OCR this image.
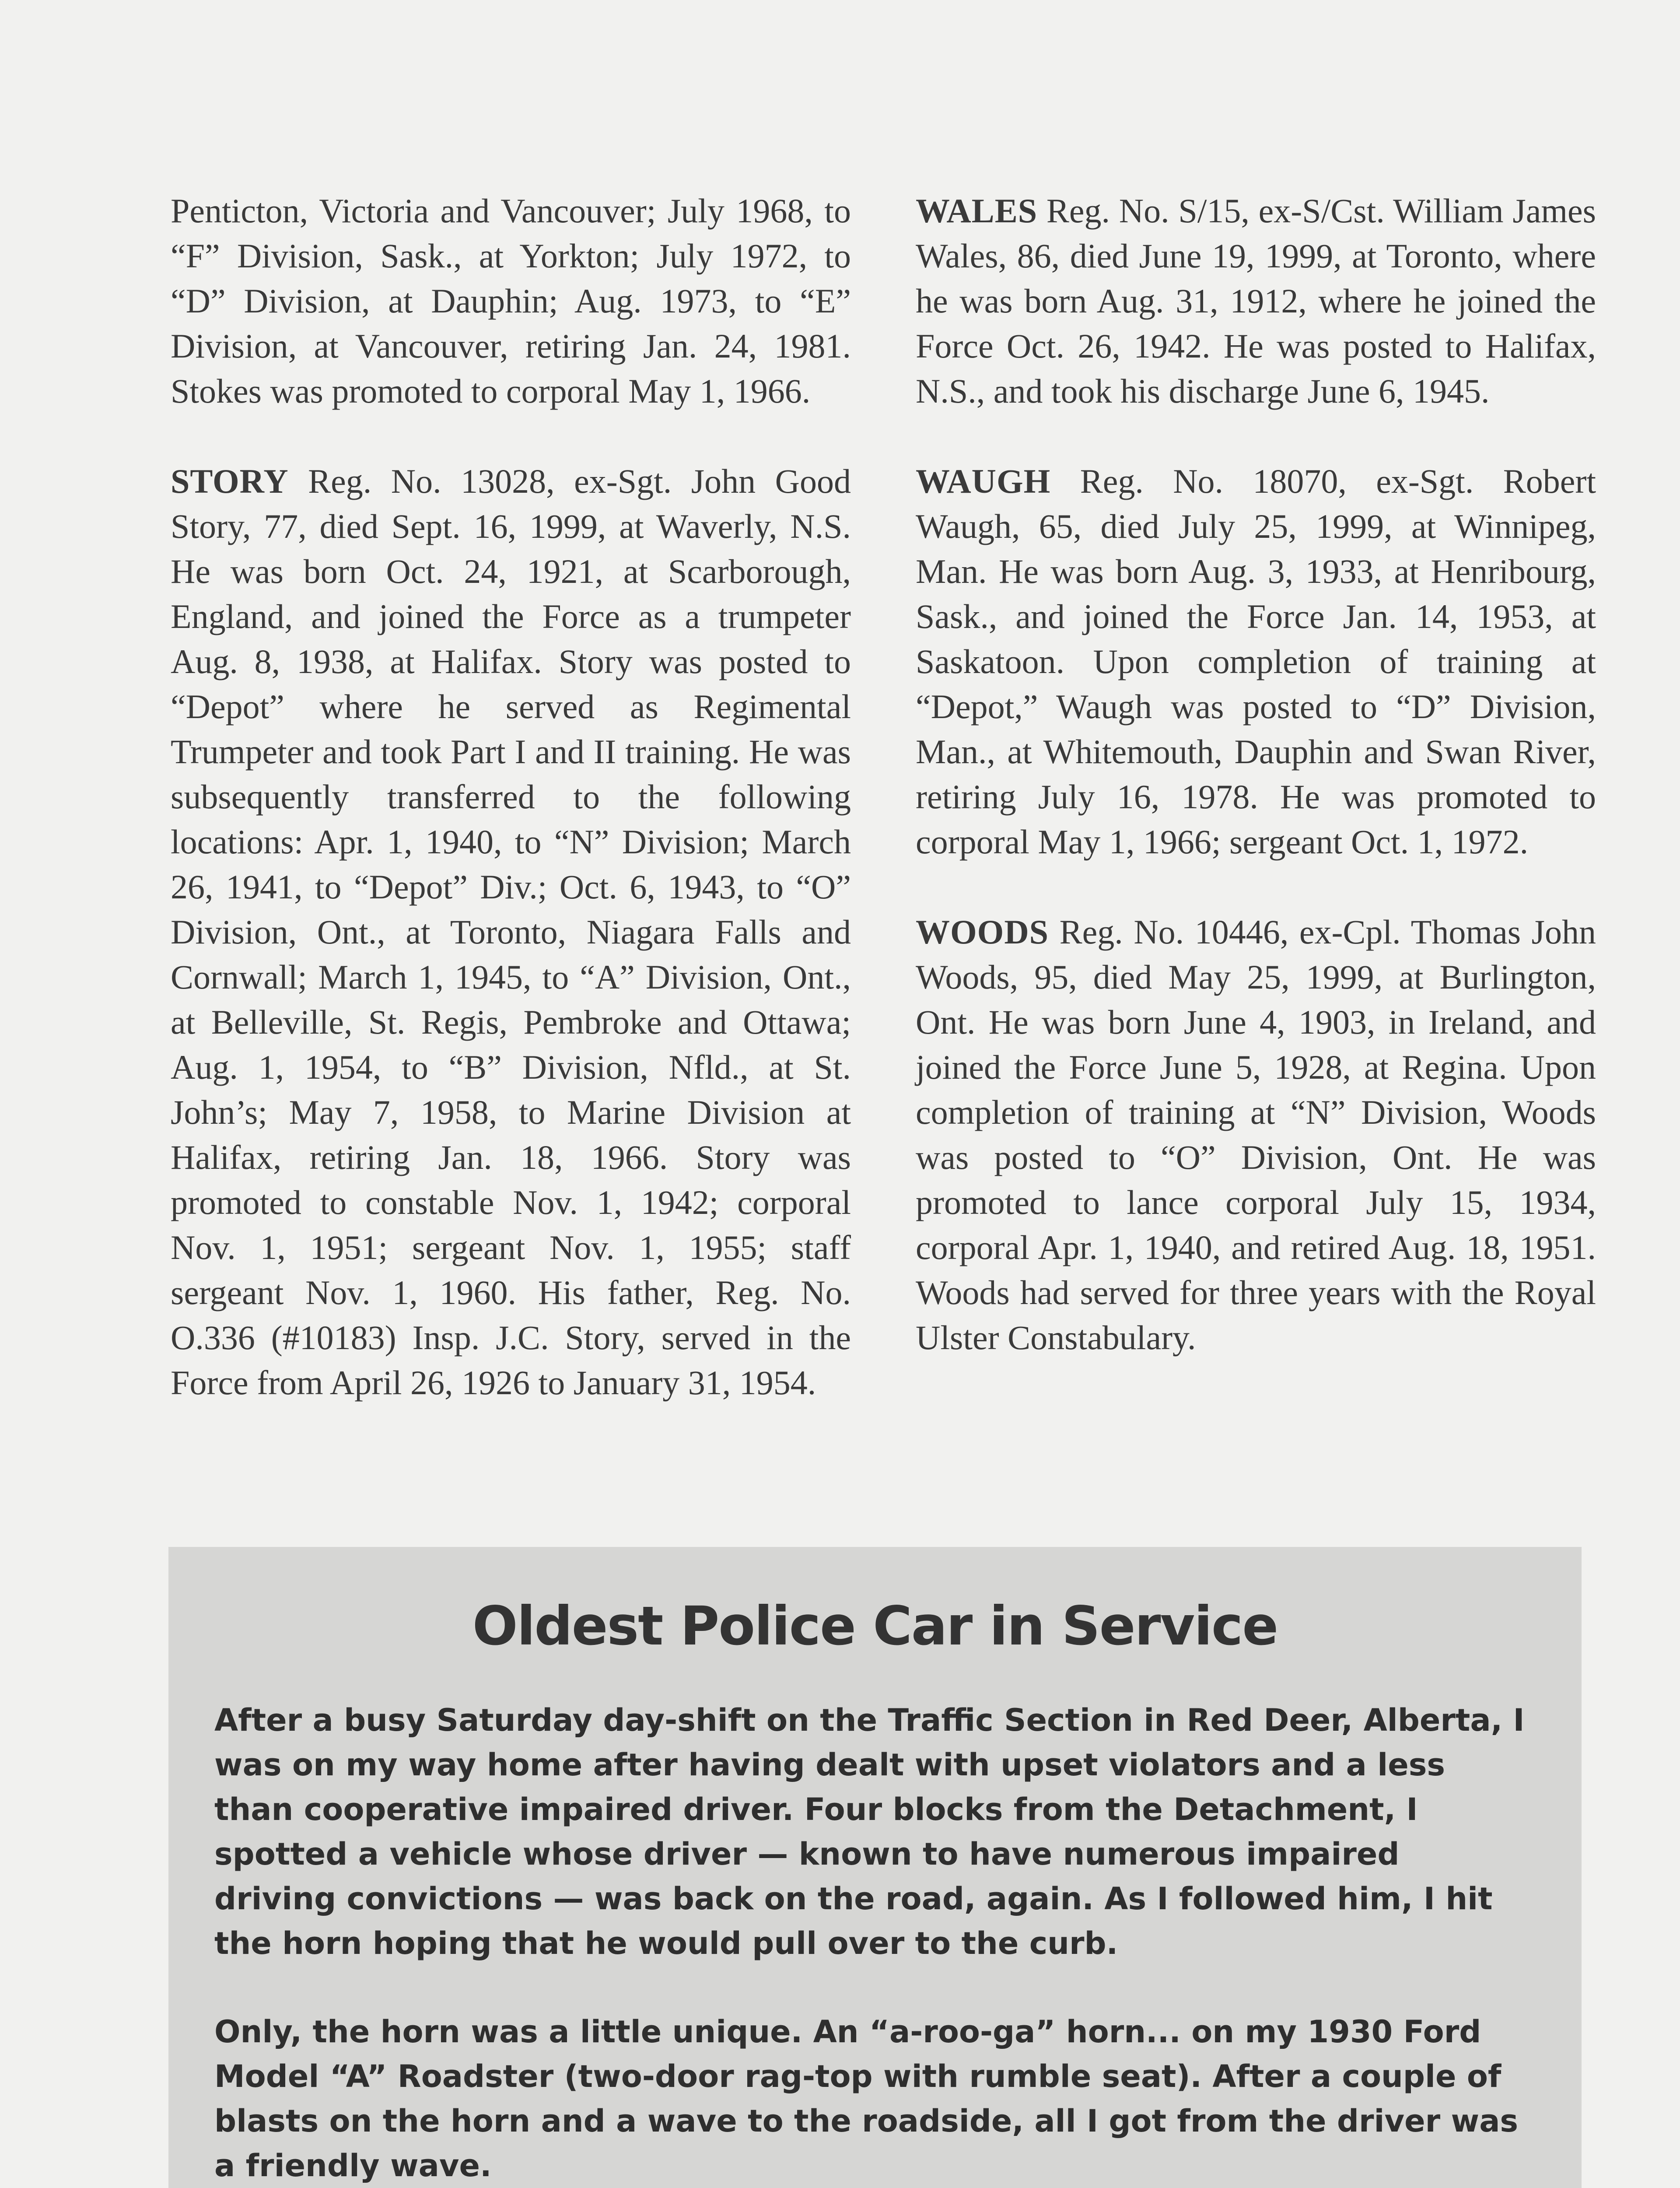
Penticton, Victoria and Vancouver; July 1968, to “F” Division, Sask., at Yorkton; July 1972, to “D” Division, at Dauphin; Aug. 1973, to “E” Division, at Vancouver, retiring Jan. 24, 1981. Stokes was promoted to corporal May 1, 1966.

STORY Reg. No. 13028, ex-Sgt. John Good Story, 77, died Sept. 16, 1999, at Waverly, N.S. He was born Oct. 24, 1921, at Scarborough, England, and joined the Force as a trumpeter Aug. 8, 1938, at Halifax. Story was posted to “Depot” where he served as Regimental Trumpeter and took Part I and II training. He was subsequently transferred to the following locations: Apr. 1, 1940, to “N” Division; March 26, 1941, to “Depot” Div.; Oct. 6, 1943, to “O” Division, Ont., at Toronto, Niagara Falls and Cornwall; March 1, 1945, to “A” Division, Ont., at Belleville, St. Regis, Pembroke and Ottawa; Aug. 1, 1954, to “B” Division, Nfld., at St. John’s; May 7, 1958, to Marine Division at Halifax, retiring Jan. 18, 1966. Story was promoted to constable Nov. 1, 1942; corporal Nov. 1, 1951; sergeant Nov. 1, 1955; staff sergeant Nov. 1, 1960. His father, Reg. No. O.336 (#10183) Insp. J.C. Story, served in the Force from April 26, 1926 to January 31, 1954.

WALES Reg. No. S/15, ex-S/Cst. William James Wales, 86, died June 19, 1999, at Toronto, where he was born Aug. 31, 1912, where he joined the Force Oct. 26, 1942. He was posted to Halifax, N.S., and took his discharge June 6, 1945.

WAUGH Reg. No. 18070, ex-Sgt. Robert Waugh, 65, died July 25, 1999, at Winnipeg, Man. He was born Aug. 3, 1933, at Henribourg, Sask., and joined the Force Jan. 14, 1953, at Saskatoon. Upon completion of training at “Depot,” Waugh was posted to “D” Division, Man., at Whitemouth, Dauphin and Swan River, retiring July 16, 1978. He was promoted to corporal May 1, 1966; sergeant Oct. 1, 1972.

WOODS Reg. No. 10446, ex-Cpl. Thomas John Woods, 95, died May 25, 1999, at Burlington, Ont. He was born June 4, 1903, in Ireland, and joined the Force June 5, 1928, at Regina. Upon completion of training at “N” Division, Woods was posted to “O” Division, Ont. He was promoted to lance corporal July 15, 1934, corporal Apr. 1, 1940, and retired Aug. 18, 1951. Woods had served for three years with the Royal Ulster Constabulary.

Oldest Police Car in Service

After a busy Saturday day-shift on the Traffic Section in Red Deer, Alberta, I was on my way home after having dealt with upset violators and a less than cooperative impaired driver. Four blocks from the Detachment, I spotted a vehicle whose driver — known to have numerous impaired driving convictions — was back on the road, again. As I followed him, I hit the horn hoping that he would pull over to the curb.

Only, the horn was a little unique. An “a-roo-ga” horn... on my 1930 Ford Model “A” Roadster (two-door rag-top with rumble seat). After a couple of blasts on the horn and a wave to the roadside, all I got from the driver was a friendly wave.
